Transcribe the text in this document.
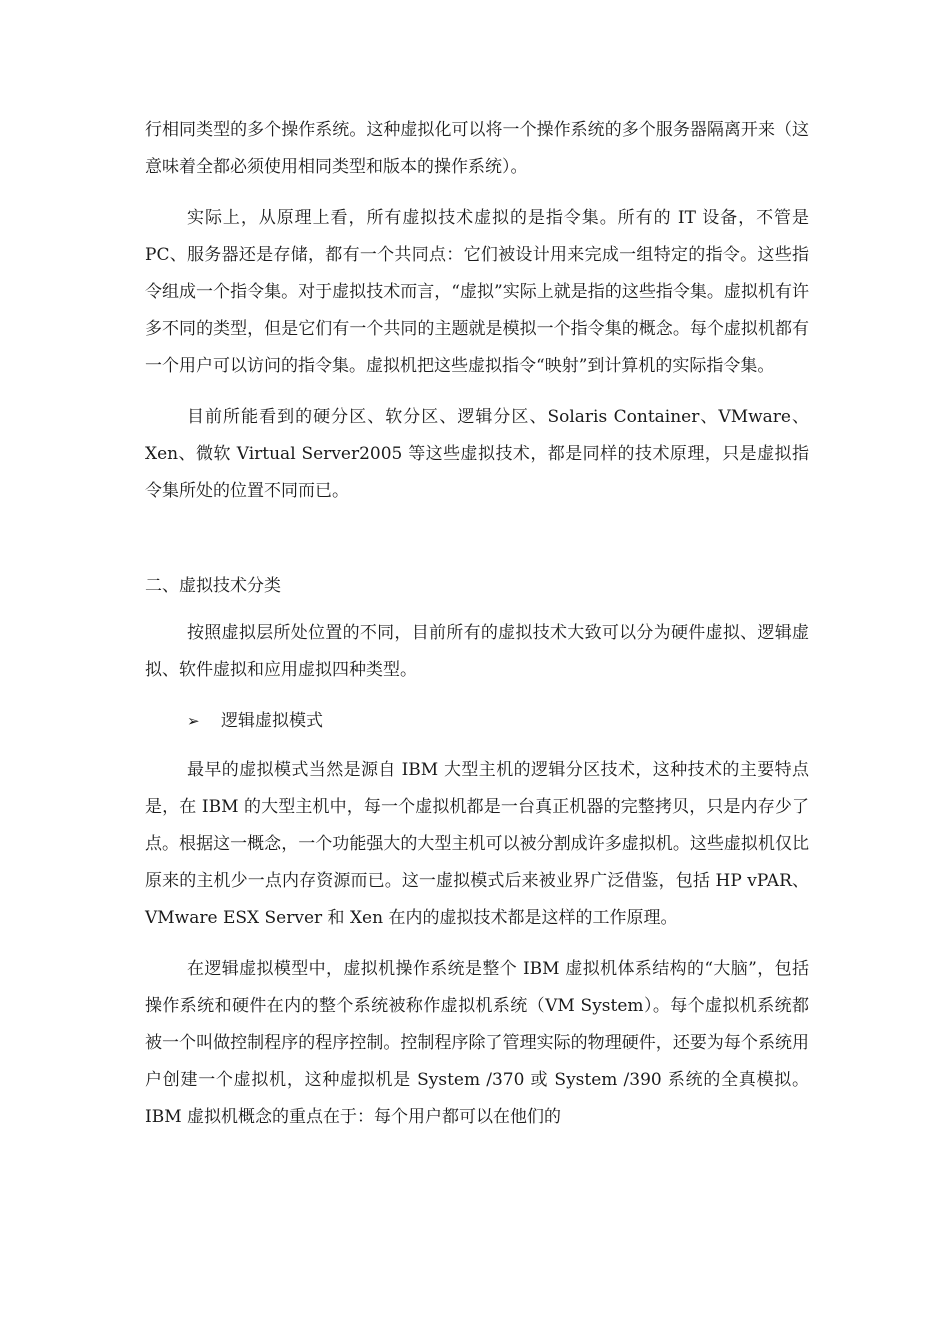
行相同类型的多个操作系统。这种虚拟化可以将一个操作系统的多个服务器隔离开来（这意味着全都必须使用相同类型和版本的操作系统）。

实际上，从原理上看，所有虚拟技术虚拟的是指令集。所有的 IT 设备，不管是 PC、服务器还是存储，都有一个共同点：它们被设计用来完成一组特定的指令。这些指令组成一个指令集。对于虚拟技术而言，“虚拟”实际上就是指的这些指令集。虚拟机有许多不同的类型，但是它们有一个共同的主题就是模拟一个指令集的概念。每个虚拟机都有一个用户可以访问的指令集。虚拟机把这些虚拟指令“映射”到计算机的实际指令集。

目前所能看到的硬分区、软分区、逻辑分区、Solaris Container、VMware、Xen、微软 Virtual Server2005 等这些虚拟技术，都是同样的技术原理，只是虚拟指令集所处的位置不同而已。

二、虚拟技术分类

按照虚拟层所处位置的不同，目前所有的虚拟技术大致可以分为硬件虚拟、逻辑虚拟、软件虚拟和应用虚拟四种类型。

➢	逻辑虚拟模式

最早的虚拟模式当然是源自 IBM 大型主机的逻辑分区技术，这种技术的主要特点是，在 IBM 的大型主机中，每一个虚拟机都是一台真正机器的完整拷贝，只是内存少了点。根据这一概念，一个功能强大的大型主机可以被分割成许多虚拟机。这些虚拟机仅比原来的主机少一点内存资源而已。这一虚拟模式后来被业界广泛借鉴，包括 HP vPAR、VMware ESX Server 和 Xen 在内的虚拟技术都是这样的工作原理。

在逻辑虚拟模型中，虚拟机操作系统是整个 IBM 虚拟机体系结构的“大脑”，包括操作系统和硬件在内的整个系统被称作虚拟机系统（VM System）。每个虚拟机系统都被一个叫做控制程序的程序控制。控制程序除了管理实际的物理硬件，还要为每个系统用户创建一个虚拟机，这种虚拟机是 System /370 或 System /390 系统的全真模拟。IBM 虚拟机概念的重点在于：每个用户都可以在他们的
